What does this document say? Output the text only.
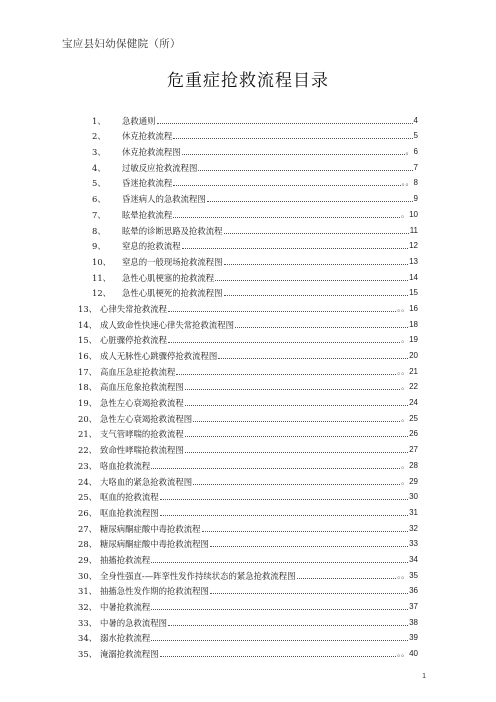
宝应县妇幼保健院（所）
危重症抢救流程目录
1、	急救通则	4
2、	休克抢救流程	5
3、	休克抢救流程图	。6
4、	过敏反应抢救流程图	7
5、	昏迷抢救流程	。。8
6、	昏迷病人的急救流程图	9
7、	眩晕抢救流程	。10
8、	眩晕的诊断思路及抢救流程	11
9、	窒息的抢救流程	12
10、	窒息的一般现场抢救流程图	13
11、	急性心肌梗塞的抢救流程	14
12、	急性心肌梗死的抢救流程图	15
13、 心律失常抢救流程	。。16
14、 成人致命性快速心律失常抢救流程图	18
15、 心脏骤停抢救流程	。19
16、 成人无脉性心跳骤停抢救流程图	20
17、 高血压急症抢救流程	。。21
18、 高血压危象抢救流程图	。22
19、 急性左心衰竭抢救流程	24
20、 急性左心衰竭抢救流程图	。25
21、 支气管哮喘的抢救流程	26
22、 致命性哮喘抢救流程图	27
23、 咯血抢救流程	。28
24、 大咯血的紧急抢救流程图	。29
25、 呕血的抢救流程	30
26、 呕血抢救流程图	31
27、 糖尿病酮症酸中毒抢救流程	32
28、 糖尿病酮症酸中毒抢救流程图	33
29、 抽搐抢救流程	34
30、 全身性强直-—阵挛性发作持续状态的紧急抢救流程图	。。35
31、 抽搐急性发作期的抢救流程图	36
32、 中暑抢救流程	37
33、 中暑的急救流程图	38
34、 溺水抢救流程	39
35、 淹溺抢救流程图	。。40
1
